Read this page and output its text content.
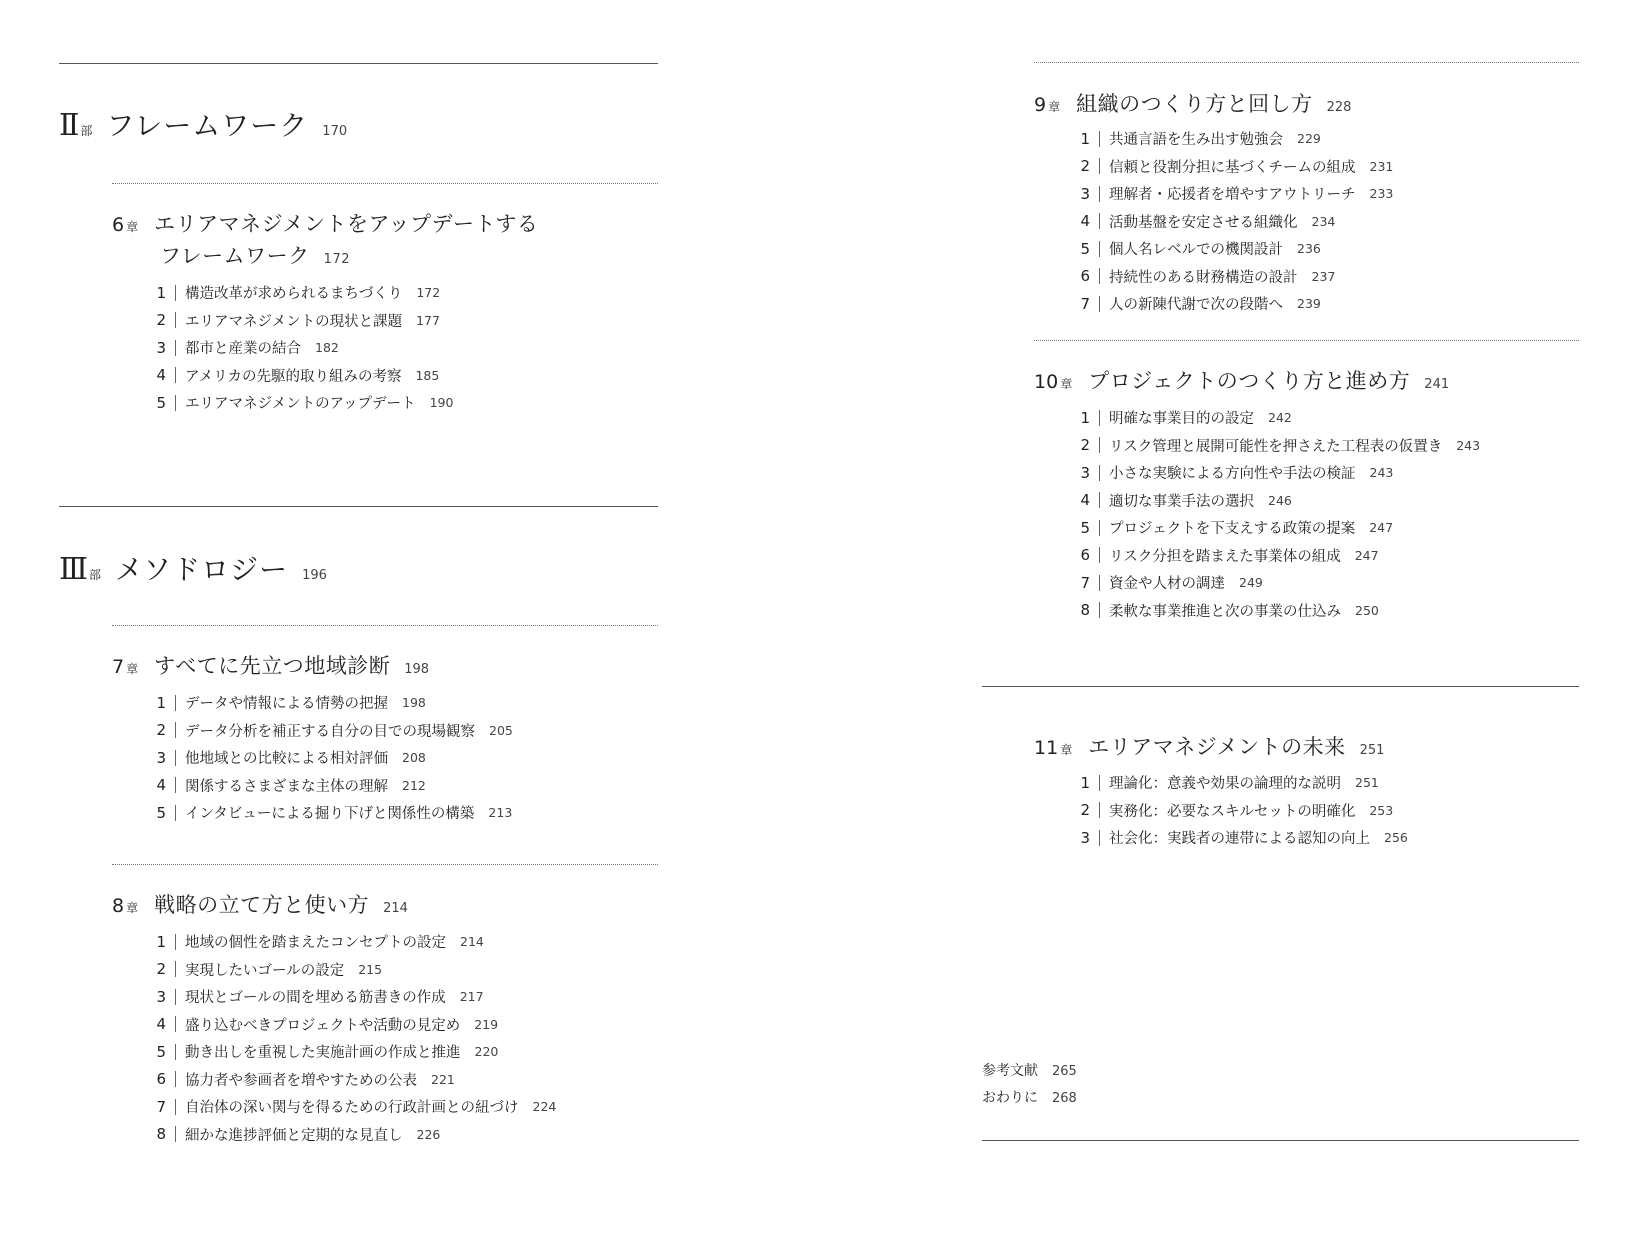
Ⅱ 部 フレームワーク 170
6 章 エリアマネジメントをアップデートする
フレームワーク 172
1 構造改革が求められるまちづくり 172
2 エリアマネジメントの現状と課題 177
3 都市と産業の結合 182
4 アメリカの先駆的取り組みの考察 185
5 エリアマネジメントのアップデート 190
Ⅲ 部 メソドロジー 196
7 章 すべてに先立つ地域診断 198
1 データや情報による情勢の把握 198
2 データ分析を補正する自分の目での現場観察 205
3 他地域との比較による相対評価 208
4 関係するさまざまな主体の理解 212
5 インタビューによる掘り下げと関係性の構築 213
8 章 戦略の立て方と使い方 214
1 地域の個性を踏まえたコンセプトの設定 214
2 実現したいゴールの設定 215
3 現状とゴールの間を埋める筋書きの作成 217
4 盛り込むべきプロジェクトや活動の見定め 219
5 動き出しを重視した実施計画の作成と推進 220
6 協力者や参画者を増やすための公表 221
7 自治体の深い関与を得るための行政計画との紐づけ 224
8 細かな進捗評価と定期的な見直し 226
9 章 組織のつくり方と回し方 228
1 共通言語を生み出す勉強会 229
2 信頼と役割分担に基づくチームの組成 231
3 理解者・応援者を増やすアウトリーチ 233
4 活動基盤を安定させる組織化 234
5 個人名レベルでの機関設計 236
6 持続性のある財務構造の設計 237
7 人の新陳代謝で次の段階へ 239
10 章 プロジェクトのつくり方と進め方 241
1 明確な事業目的の設定 242
2 リスク管理と展開可能性を押さえた工程表の仮置き 243
3 小さな実験による方向性や手法の検証 243
4 適切な事業手法の選択 246
5 プロジェクトを下支えする政策の提案 247
6 リスク分担を踏まえた事業体の組成 247
7 資金や人材の調達 249
8 柔軟な事業推進と次の事業の仕込み 250
11 章 エリアマネジメントの未来 251
1 理論化：意義や効果の論理的な説明 251
2 実務化：必要なスキルセットの明確化 253
3 社会化：実践者の連帯による認知の向上 256
参考文献 265
おわりに 268
